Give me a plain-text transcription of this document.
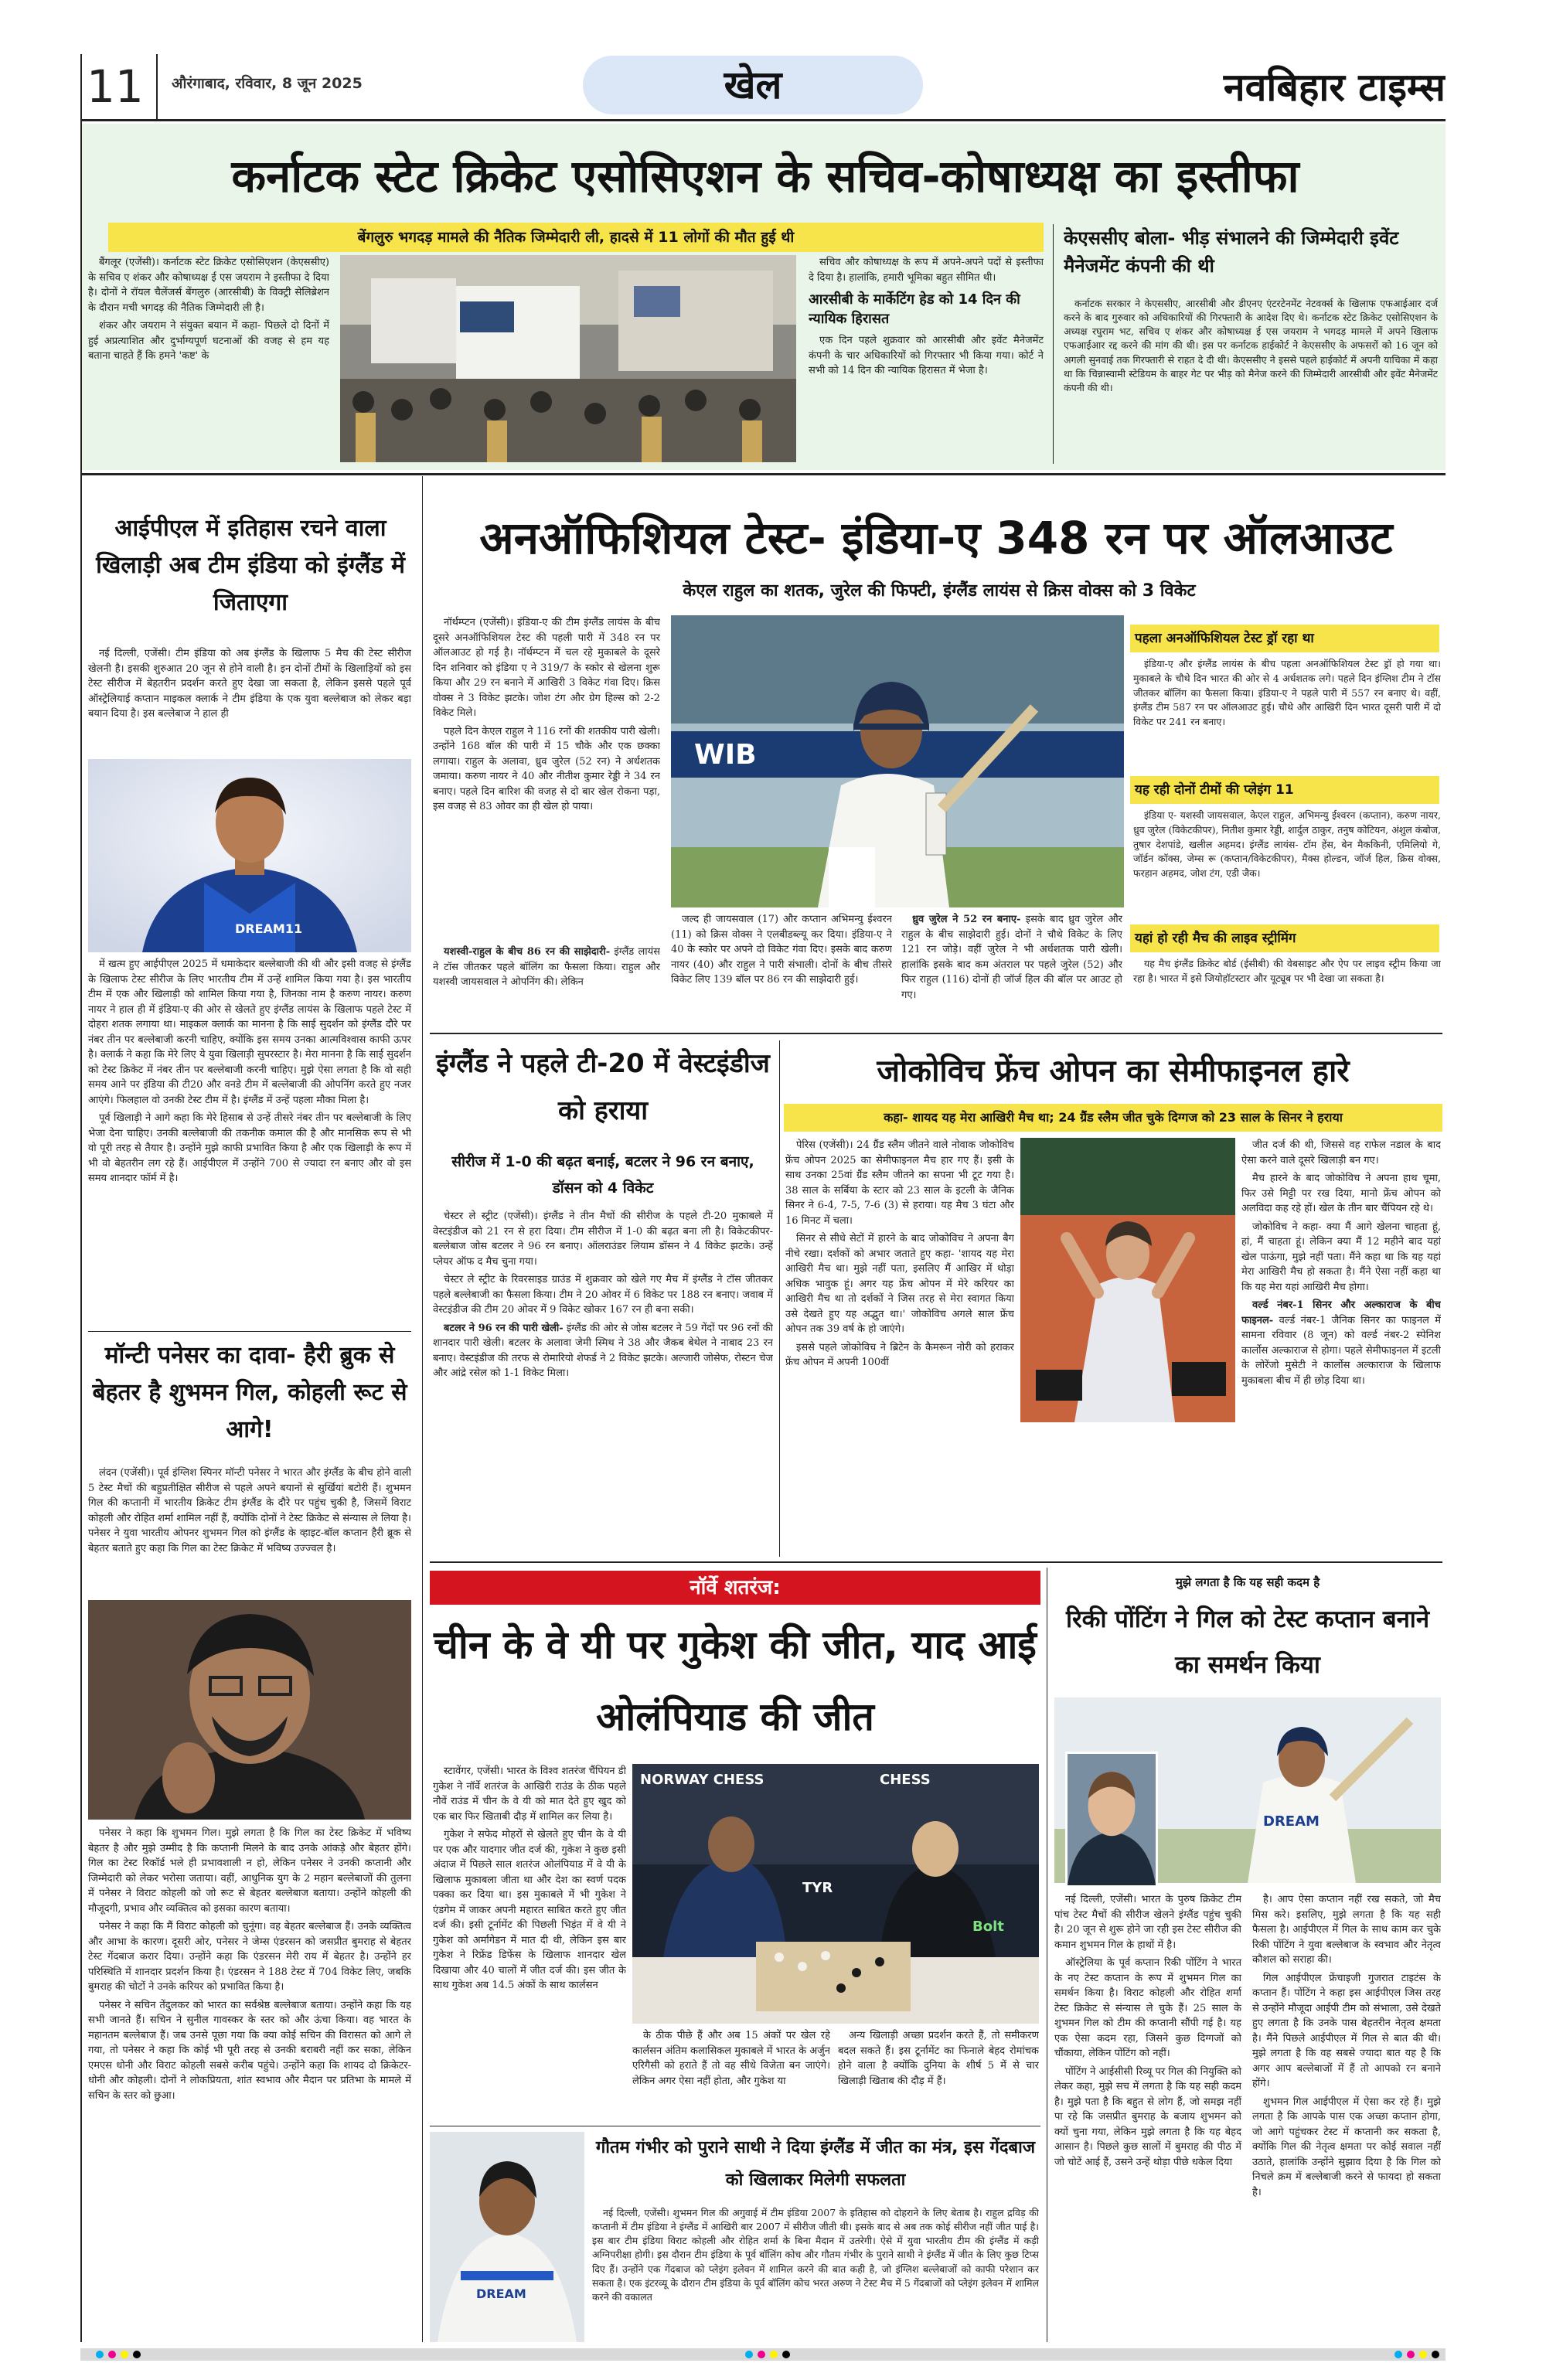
11	औरंगाबाद, रविवार, 8 जून 2025	खेल	नवबिहार टाइम्स
कर्नाटक स्टेट क्रिकेट एसोसिएशन के सचिव-कोषाध्यक्ष का इस्तीफा
बेंगलुरु भगदड़ मामले की नैतिक जिम्मेदारी ली, हादसे में 11 लोगों की मौत हुई थी

बैंगलूर (एजेंसी)। कर्नाटक स्टेट क्रिकेट एसोसिएशन (केएससीए) के सचिव ए शंकर और कोषाध्यक्ष ई एस जयराम ने इस्तीफा दे दिया है। दोनों ने रॉयल चैलेंजर्स बेंगलुरु (आरसीबी) के विक्ट्री सेलिब्रेशन के दौरान मची भगदड़ की नैतिक जिम्मेदारी ली है।

शंकर और जयराम ने संयुक्त बयान में कहा- पिछले दो दिनों में हुई अप्रत्याशित और दुर्भाग्यपूर्ण घटनाओं की वजह से हम यह बताना चाहते हैं कि हमने 'कष्ट' के

सचिव और कोषाध्यक्ष के रूप में अपने-अपने पदों से इस्तीफा दे दिया है। हालांकि, हमारी भूमिका बहुत सीमित थी।

आरसीबी के मार्केटिंग हेड को 14 दिन की न्यायिक हिरासत

एक दिन पहले शुक्रवार को आरसीबी और इवेंट मैनेजमेंट कंपनी के चार अधिकारियों को गिरफ्तार भी किया गया। कोर्ट ने सभी को 14 दिन की न्यायिक हिरासत में भेजा है।

केएससीए बोला- भीड़ संभालने की जिम्मेदारी इवेंट मैनेजमेंट कंपनी की थी

कर्नाटक सरकार ने केएससीए, आरसीबी और डीएनए एंटरटेनमेंट नेटवर्क्स के खिलाफ एफआईआर दर्ज करने के बाद गुरुवार को अधिकारियों की गिरफ्तारी के आदेश दिए थे। कर्नाटक स्टेट क्रिकेट एसोसिएशन के अध्यक्ष रघुराम भट, सचिव ए शंकर और कोषाध्यक्ष ई एस जयराम ने भगदड़ मामले में अपने खिलाफ एफआईआर रद्द करने की मांग की थी। इस पर कर्नाटक हाईकोर्ट ने केएससीए के अफसरों को 16 जून को अगली सुनवाई तक गिरफ्तारी से राहत दे दी थी। केएससीए ने इससे पहले हाईकोर्ट में अपनी याचिका में कहा था कि चिन्नास्वामी स्टेडियम के बाहर गेट पर भीड़ को मैनेज करने की जिम्मेदारी आरसीबी और इवेंट मैनेजमेंट कंपनी की थी।

आईपीएल में इतिहास रचने वाला खिलाड़ी अब टीम इंडिया को इंग्लैंड में जिताएगा

नई दिल्ली, एजेंसी। टीम इंडिया को अब इंग्लैंड के खिलाफ 5 मैच की टेस्ट सीरीज खेलनी है। इसकी शुरुआत 20 जून से होने वाली है। इन दोनों टीमों के खिलाड़ियों को इस टेस्ट सीरीज में बेहतरीन प्रदर्शन करते हुए देखा जा सकता है, लेकिन इससे पहले पूर्व ऑस्ट्रेलियाई कप्तान माइकल क्लार्क ने टीम इंडिया के एक युवा बल्लेबाज को लेकर बड़ा बयान दिया है। इस बल्लेबाज ने हाल ही

DREAM11

में खत्म हुए आईपीएल 2025 में धमाकेदार बल्लेबाजी की थी और इसी वजह से इंग्लैंड के खिलाफ टेस्ट सीरीज के लिए भारतीय टीम में उन्हें शामिल किया गया है। इस भारतीय टीम में एक और खिलाड़ी को शामिल किया गया है, जिनका नाम है करुण नायर। करुण नायर ने हाल ही में इंडिया-ए की ओर से खेलते हुए इंग्लैंड लायंस के खिलाफ पहले टेस्ट में दोहरा शतक लगाया था। माइकल क्लार्क का मानना है कि साई सुदर्शन को इंग्लैंड दौरे पर नंबर तीन पर बल्लेबाजी करनी चाहिए, क्योंकि इस समय उनका आत्मविश्वास काफी ऊपर है। क्लार्क ने कहा कि मेरे लिए ये युवा खिलाड़ी सुपरस्टार है। मेरा मानना है कि साई सुदर्शन को टेस्ट क्रिकेट में नंबर तीन पर बल्लेबाजी करनी चाहिए। मुझे ऐसा लगता है कि वो सही समय आने पर इंडिया की टी20 और वनडे टीम में बल्लेबाजी की ओपनिंग करते हुए नजर आएंगे। फिलहाल वो उनकी टेस्ट टीम में है। इंग्लैंड में उन्हें पहला मौका मिला है।

पूर्व खिलाड़ी ने आगे कहा कि मेरे हिसाब से उन्हें तीसरे नंबर तीन पर बल्लेबाजी के लिए भेजा देना चाहिए। उनकी बल्लेबाजी की तकनीक कमाल की है और मानसिक रूप से भी वो पूरी तरह से तैयार है। उन्होंने मुझे काफी प्रभावित किया है और एक खिलाड़ी के रूप में भी वो बेहतरीन लग रहे हैं। आईपीएल में उन्होंने 700 से ज्यादा रन बनाए और वो इस समय शानदार फॉर्म में है।

मॉन्टी पनेसर का दावा- हैरी ब्रुक से बेहतर है शुभमन गिल, कोहली रूट से आगे!

लंदन (एजेंसी)। पूर्व इंग्लिश स्पिनर मॉन्टी पनेसर ने भारत और इंग्लैंड के बीच होने वाली 5 टेस्ट मैचों की बहुप्रतीक्षित सीरीज से पहले अपने बयानों से सुर्खियां बटोरी हैं। शुभमन गिल की कप्तानी में भारतीय क्रिकेट टीम इंग्लैंड के दौरे पर पहुंच चुकी है, जिसमें विराट कोहली और रोहित शर्मा शामिल नहीं हैं, क्योंकि दोनों ने टेस्ट क्रिकेट से संन्यास ले लिया है। पनेसर ने युवा भारतीय ओपनर शुभमन गिल को इंग्लैंड के व्हाइट-बॉल कप्तान हैरी ब्रूक से बेहतर बताते हुए कहा कि गिल का टेस्ट क्रिकेट में भविष्य उज्ज्वल है।

पनेसर ने कहा कि शुभमन गिल। मुझे लगता है कि गिल का टेस्ट क्रिकेट में भविष्य बेहतर है और मुझे उम्मीद है कि कप्तानी मिलने के बाद उनके आंकड़े और बेहतर होंगे। गिल का टेस्ट रिकॉर्ड भले ही प्रभावशाली न हो, लेकिन पनेसर ने उनकी कप्तानी और जिम्मेदारी को लेकर भरोसा जताया। वहीं, आधुनिक युग के 2 महान बल्लेबाजों की तुलना में पनेसर ने विराट कोहली को जो रूट से बेहतर बल्लेबाज बताया। उन्होंने कोहली की मौजूदगी, प्रभाव और व्यक्तित्व को इसका कारण बताया।

पनेसर ने कहा कि मैं विराट कोहली को चुनूंगा। वह बेहतर बल्लेबाज हैं। उनके व्यक्तित्व और आभा के कारण। दूसरी ओर, पनेसर ने जेम्स एंडरसन को जसप्रीत बुमराह से बेहतर टेस्ट गेंदबाज करार दिया। उन्होंने कहा कि एंडरसन मेरी राय में बेहतर है। उन्होंने हर परिस्थिति में शानदार प्रदर्शन किया है। एंडरसन ने 188 टेस्ट में 704 विकेट लिए, जबकि बुमराह की चोटों ने उनके करियर को प्रभावित किया है।

पनेसर ने सचिन तेंदुलकर को भारत का सर्वश्रेष्ठ बल्लेबाज बताया। उन्होंने कहा कि यह सभी जानते हैं। सचिन ने सुनील गावस्कर के स्तर को और ऊंचा किया। वह भारत के महानतम बल्लेबाज हैं। जब उनसे पूछा गया कि क्या कोई सचिन की विरासत को आगे ले गया, तो पनेसर ने कहा कि कोई भी पूरी तरह से उनकी बराबरी नहीं कर सका, लेकिन एमएस धोनी और विराट कोहली सबसे करीब पहुंचे। उन्होंने कहा कि शायद दो क्रिकेटर- धोनी और कोहली। दोनों ने लोकप्रियता, शांत स्वभाव और मैदान पर प्रतिभा के मामले में सचिन के स्तर को छुआ।

अनऑफिशियल टेस्ट- इंडिया-ए 348 रन पर ऑलआउट
केएल राहुल का शतक, जुरेल की फिफ्टी, इंग्लैंड लायंस से क्रिस वोक्स को 3 विकेट

नॉर्थम्प्टन (एजेंसी)। इंडिया-ए की टीम इंग्लैंड लायंस के बीच दूसरे अनऑफिशियल टेस्ट की पहली पारी में 348 रन पर ऑलआउट हो गई है। नॉर्थम्प्टन में चल रहे मुकाबले के दूसरे दिन शनिवार को इंडिया ए ने 319/7 के स्कोर से खेलना शुरू किया और 29 रन बनाने में आखिरी 3 विकेट गंवा दिए। क्रिस वोक्स ने 3 विकेट झटके। जोश टंग और ग्रेग हिल्स को 2-2 विकेट मिले।

पहले दिन केएल राहुल ने 116 रनों की शतकीय पारी खेली। उन्होंने 168 बॉल की पारी में 15 चौके और एक छक्का लगाया। राहुल के अलावा, ध्रुव जुरेल (52 रन) ने अर्धशतक जमाया। करुण नायर ने 40 और नीतीश कुमार रेड्डी ने 34 रन बनाए। पहले दिन बारिश की वजह से दो बार खेल रोकना पड़ा, इस वजह से 83 ओवर का ही खेल हो पाया।

यशस्वी-राहुल के बीच 86 रन की साझेदारी- इंग्लैंड लायंस ने टॉस जीतकर पहले बॉलिंग का फैसला किया। राहुल और यशस्वी जायसवाल ने ओपनिंग की। लेकिन

WIB

जल्द ही जायसवाल (17) और कप्तान अभिमन्यु ईश्वरन (11) को क्रिस वोक्स ने एलबीडब्ल्यू कर दिया। इंडिया-ए ने 40 के स्कोर पर अपने दो विकेट गंवा दिए। इसके बाद करुण नायर (40) और राहुल ने पारी संभाली। दोनों के बीच तीसरे विकेट लिए 139 बॉल पर 86 रन की साझेदारी हुई।

ध्रुव जुरेल ने 52 रन बनाए- इसके बाद ध्रुव जुरेल और राहुल के बीच साझेदारी हुई। दोनों ने चौथे विकेट के लिए 121 रन जोड़े। वहीं जुरेल ने भी अर्धशतक पारी खेली। हालांकि इसके बाद कम अंतराल पर पहले जुरेल (52) और फिर राहुल (116) दोनों ही जॉर्ज हिल की बॉल पर आउट हो गए।

पहला अनऑफिशियल टेस्ट ड्रॉ रहा था

इंडिया-ए और इंग्लैंड लायंस के बीच पहला अनऑफिशियल टेस्ट ड्रॉ हो गया था। मुकाबले के चौथे दिन भारत की ओर से 4 अर्धशतक लगे। पहले दिन इंग्लिश टीम ने टॉस जीतकर बॉलिंग का फैसला किया। इंडिया-ए ने पहले पारी में 557 रन बनाए थे। वहीं, इंग्लैंड टीम 587 रन पर ऑलआउट हुई। चौथे और आखिरी दिन भारत दूसरी पारी में दो विकेट पर 241 रन बनाए।

यह रही दोनों टीमों की प्लेइंग 11

इंडिया ए- यशस्वी जायसवाल, केएल राहुल, अभिमन्यु ईश्वरन (कप्तान), करुण नायर, ध्रुव जुरेल (विकेटकीपर), नितीश कुमार रेड्डी, शार्दुल ठाकुर, तनुष कोटियन, अंशुल कंबोज, तुषार देशपांडे, खलील अहमद। इंग्लैंड लायंस- टॉम हेंस, बेन मैककिनी, एमिलियो गे, जॉर्डन कॉक्स, जेम्स रू (कप्तान/विकेटकीपर), मैक्स होल्डन, जॉर्ज हिल, क्रिस वोक्स, फरहान अहमद, जोश टंग, एडी जैक।

यहां हो रही मैच की लाइव स्ट्रीमिंग

यह मैच इंग्लैंड क्रिकेट बोर्ड (ईसीबी) की वेबसाइट और ऐप पर लाइव स्ट्रीम किया जा रहा है। भारत में इसे जियोहॉटस्टार और यूट्यूब पर भी देखा जा सकता है।

इंग्लैंड ने पहले टी-20 में वेस्टइंडीज को हराया
सीरीज में 1-0 की बढ़त बनाई, बटलर ने 96 रन बनाए, डॉसन को 4 विकेट

चेस्टर ले स्ट्रीट (एजेंसी)। इंग्लैंड ने तीन मैचों की सीरीज के पहले टी-20 मुकाबले में वेस्टइंडीज को 21 रन से हरा दिया। टीम सीरीज में 1-0 की बढ़त बना ली है। विकेटकीपर-बल्लेबाज जोस बटलर ने 96 रन बनाए। ऑलराउंडर लियाम डॉसन ने 4 विकेट झटके। उन्हें प्लेयर ऑफ द मैच चुना गया।

चेस्टर ले स्ट्रीट के रिवरसाइड ग्राउंड में शुक्रवार को खेले गए मैच में इंग्लैंड ने टॉस जीतकर पहले बल्लेबाजी का फैसला किया। टीम ने 20 ओवर में 6 विकेट पर 188 रन बनाए। जवाब में वेस्टइंडीज की टीम 20 ओवर में 9 विकेट खोकर 167 रन ही बना सकी।

बटलर ने 96 रन की पारी खेली- इंग्लैंड की ओर से जोस बटलर ने 59 गेंदों पर 96 रनों की शानदार पारी खेली। बटलर के अलावा जेमी स्मिथ ने 38 और जैकब बेथेल ने नाबाद 23 रन बनाए। वेस्टइंडीज की तरफ से रोमारियो शेफर्ड ने 2 विकेट झटके। अल्जारी जोसेफ, रोस्टन चेज और आंद्रे रसेल को 1-1 विकेट मिला।

जोकोविच फ्रेंच ओपन का सेमीफाइनल हारे
कहा- शायद यह मेरा आखिरी मैच था; 24 ग्रैंड स्लैम जीत चुके दिग्गज को 23 साल के सिनर ने हराया

पेरिस (एजेंसी)। 24 ग्रैंड स्लैम जीतने वाले नोवाक जोकोविच फ्रेंच ओपन 2025 का सेमीफाइनल मैच हार गए हैं। इसी के साथ उनका 25वां ग्रैंड स्लैम जीतने का सपना भी टूट गया है। 38 साल के सर्बिया के स्टार को 23 साल के इटली के जैनिक सिनर ने 6-4, 7-5, 7-6 (3) से हराया। यह मैच 3 घंटा और 16 मिनट में चला।

सिनर से सीधे सेटों में हारने के बाद जोकोविच ने अपना बैग नीचे रखा। दर्शकों को अभार जताते हुए कहा- 'शायद यह मेरा आखिरी मैच था। मुझे नहीं पता, इसलिए मैं आखिर में थोड़ा अधिक भावुक हूं। अगर यह फ्रेंच ओपन में मेरे करियर का आखिरी मैच था तो दर्शकों ने जिस तरह से मेरा स्वागत किया उसे देखते हुए यह अद्भुत था।' जोकोविच अगले साल फ्रेंच ओपन तक 39 वर्ष के हो जाएंगे।

इससे पहले जोकोविच ने ब्रिटेन के कैमरून नोरी को हराकर फ्रेंच ओपन में अपनी 100वीं

जीत दर्ज की थी, जिससे वह राफेल नडाल के बाद ऐसा करने वाले दूसरे खिलाड़ी बन गए।

मैच हारने के बाद जोकोविच ने अपना हाथ चूमा, फिर उसे मिट्टी पर रख दिया, मानो फ्रेंच ओपन को अलविदा कह रहे हों। खेल के तीन बार चैंपियन रहे थे।

जोकोविच ने कहा- क्या मैं आगे खेलना चाहता हूं, हां, मैं चाहता हूं। लेकिन क्या मैं 12 महीने बाद यहां खेल पाऊंगा, मुझे नहीं पता। मैंने कहा था कि यह यहां मेरा आखिरी मैच हो सकता है। मैंने ऐसा नहीं कहा था कि यह मेरा यहां आखिरी मैच होगा।

वर्ल्ड नंबर-1 सिनर और अल्काराज के बीच फाइनल- वर्ल्ड नंबर-1 जैनिक सिनर का फाइनल में सामना रविवार (8 जून) को वर्ल्ड नंबर-2 स्पेनिश कार्लोस अल्काराज से होगा। पहले सेमीफाइनल में इटली के लोरेंजो मुसेटी ने कार्लोस अल्काराज के खिलाफ मुकाबला बीच में ही छोड़ दिया था।

नॉर्वे शतरंज:
चीन के वे यी पर गुकेश की जीत, याद आई ओलंपियाड की जीत

स्टावेंगर, एजेंसी। भारत के विश्व शतरंज चैंपियन डी गुकेश ने नॉर्वे शतरंज के आखिरी राउंड के ठीक पहले नौवें राउंड में चीन के वे यी को मात देते हुए खुद को एक बार फिर खिताबी दौड़ में शामिल कर लिया है।

गुकेश ने सफेद मोहरों से खेलते हुए चीन के वे यी पर एक और यादगार जीत दर्ज की, गुकेश ने कुछ इसी अंदाज में पिछले साल शतरंज ओलंपियाड में वे यी के खिलाफ मुकाबला जीता था और देश का स्वर्ण पदक पक्का कर दिया था। इस मुकाबले में भी गुकेश ने एंडगेम में जाकर अपनी महारत साबित करते हुए जीत दर्ज की। इसी टूर्नामेंट की पिछली भिड़ंत में वे यी ने गुकेश को अर्मागेडन में मात दी थी, लेकिन इस बार गुकेश ने रिफ्रेंड डिफेंस के खिलाफ शानदार खेल दिखाया और 40 चालों में जीत दर्ज की। इस जीत के साथ गुकेश अब 14.5 अंकों के साथ कार्लसन

NORWAY CHESS	CHESS
TYR
Bolt

के ठीक पीछे हैं और अब 15 अंकों पर खेल रहे कार्लसन अंतिम कलासिकल मुकाबले में भारत के अर्जुन एरिगैसी को हराते हैं तो वह सीधे विजेता बन जाएंगे। लेकिन अगर ऐसा नहीं होता, और गुकेश या

अन्य खिलाड़ी अच्छा प्रदर्शन करते हैं, तो समीकरण बदल सकते हैं। इस टूर्नामेंट का फिनाले बेहद रोमांचक होने वाला है क्योंकि दुनिया के शीर्ष 5 में से चार खिलाड़ी खिताब की दौड़ में हैं।

DREAM
गौतम गंभीर को पुराने साथी ने दिया इंग्लैंड में जीत का मंत्र, इस गेंदबाज को खिलाकर मिलेगी सफलता

नई दिल्ली, एजेंसी। शुभमन गिल की अगुवाई में टीम इंडिया 2007 के इतिहास को दोहराने के लिए बेताब है। राहुल द्रविड़ की कप्तानी में टीम इंडिया ने इंग्लैंड में आखिरी बार 2007 में सीरीज जीती थी। इसके बाद से अब तक कोई सीरीज नहीं जीत पाई है। इस बार टीम इंडिया विराट कोहली और रोहित शर्मा के बिना मैदान में उतरेगी। ऐसे में युवा भारतीय टीम की इंग्लैंड में कड़ी अग्निपरीक्षा होगी। इस दौरान टीम इंडिया के पूर्व बॉलिंग कोच और गौतम गंभीर के पुराने साथी ने इंग्लैंड में जीत के लिए कुछ टिप्स दिए हैं। उन्होंने एक गेंदबाज को प्लेइंग इलेवन में शामिल करने की बात कही है, जो इंग्लिश बल्लेबाजों को काफी परेशान कर सकता है। एक इंटरव्यू के दौरान टीम इंडिया के पूर्व बॉलिंग कोच भरत अरुण ने टेस्ट मैच में 5 गेंदबाजों को प्लेइंग इलेवन में शामिल करने की वकालत

मुझे लगता है कि यह सही कदम है
रिकी पोंटिंग ने गिल को टेस्ट कप्तान बनाने का समर्थन किया
DREAM

नई दिल्ली, एजेंसी। भारत के पुरुष क्रिकेट टीम पांच टेस्ट मैचों की सीरीज खेलने इंग्लैंड पहुंच चुकी है। 20 जून से शुरू होने जा रही इस टेस्ट सीरीज की कमान शुभमन गिल के हाथों में है।

ऑस्ट्रेलिया के पूर्व कप्तान रिकी पोंटिंग ने भारत के नए टेस्ट कप्तान के रूप में शुभमन गिल का समर्थन किया है। विराट कोहली और रोहित शर्मा टेस्ट क्रिकेट से संन्यास ले चुके हैं। 25 साल के शुभमन गिल को टीम की कप्तानी सौंपी गई है। यह एक ऐसा कदम रहा, जिसने कुछ दिग्गजों को चौंकाया, लेकिन पोंटिंग को नहीं।

पोंटिंग ने आईसीसी रिव्यू पर गिल की नियुक्ति को लेकर कहा, मुझे सच में लगता है कि यह सही कदम है। मुझे पता है कि बहुत से लोग हैं, जो समझ नहीं पा रहे कि जसप्रीत बुमराह के बजाय शुभमन को क्यों चुना गया, लेकिन मुझे लगता है कि यह बेहद आसान है। पिछले कुछ सालों में बुमराह की पीठ में जो चोटें आई हैं, उसने उन्हें थोड़ा पीछे धकेल दिया

है। आप ऐसा कप्तान नहीं रख सकते, जो मैच मिस करे। इसलिए, मुझे लगता है कि यह सही फैसला है। आईपीएल में गिल के साथ काम कर चुके रिकी पोंटिंग ने युवा बल्लेबाज के स्वभाव और नेतृत्व कौशल को सराहा की।

गिल आईपीएल फ्रेंचाइजी गुजरात टाइटंस के कप्तान हैं। पोंटिंग ने कहा इस आईपीएल जिस तरह से उन्होंने मौजूदा आईपी टीम को संभाला, उसे देखते हुए लगता है कि उनके पास बेहतरीन नेतृत्व क्षमता है। मैंने पिछले आईपीएल में गिल से बात की थी। मुझे लगता है कि वह सबसे ज्यादा बात यह है कि अगर आप बल्लेबाजों में हैं तो आपको रन बनाने होंगे।

शुभमन गिल आईपीएल में ऐसा कर रहे हैं। मुझे लगता है कि आपके पास एक अच्छा कप्तान होगा, जो आगे पहुंचकर टेस्ट में कप्तानी कर सकता है, क्योंकि गिल की नेतृत्व क्षमता पर कोई सवाल नहीं उठाते, हालांकि उन्होंने सुझाव दिया है कि गिल को निचले क्रम में बल्लेबाजी करने से फायदा हो सकता है।
